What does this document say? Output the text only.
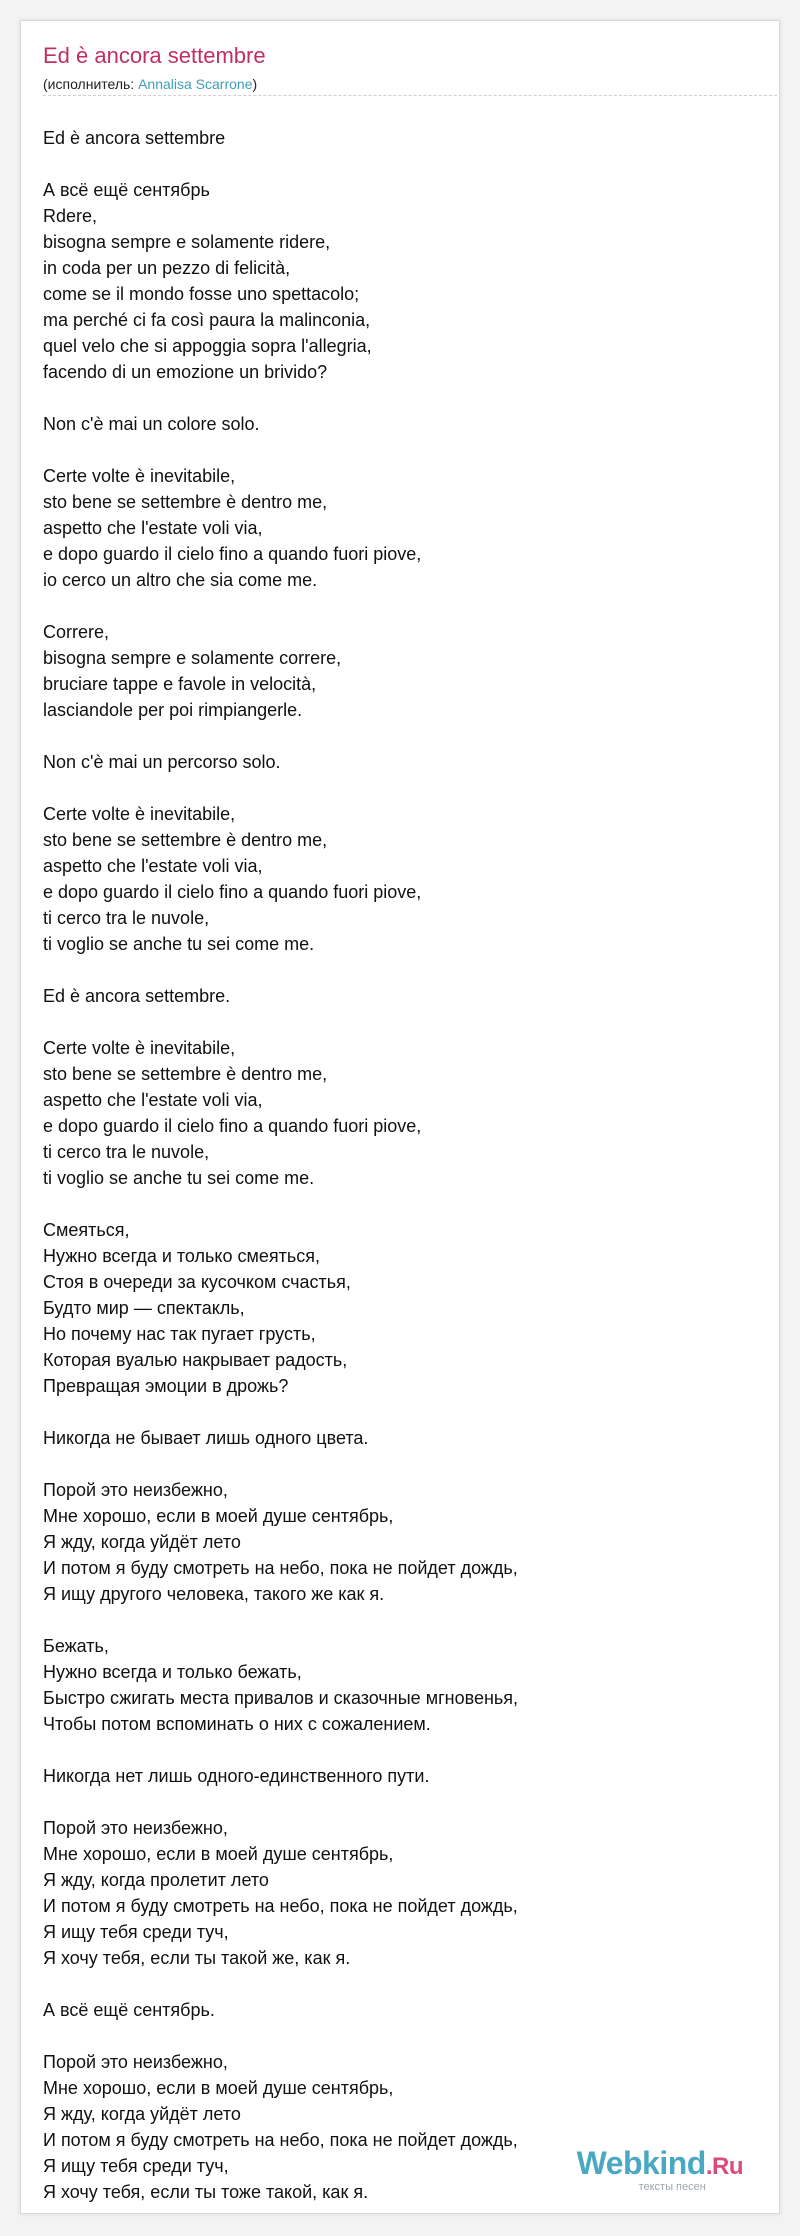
Ed è ancora settembre
(исполнитель: Annalisa Scarrone)
Ed è ancora settembre
А всё ещё сентябрь
Rdere,
bisogna sempre e solamente ridere,
in coda per un pezzo di felicità,
come se il mondo fosse uno spettacolo;
ma perché ci fa così paura la malinconia,
quel velo che si appoggia sopra l'allegria,
facendo di un emozione un brivido?
Non c'è mai un colore solo.
Certe volte è inevitabile,
sto bene se settembre è dentro me,
aspetto che l'estate voli via,
e dopo guardo il cielo fino a quando fuori piove,
io cerco un altro che sia come me.
Correre,
bisogna sempre e solamente correre,
bruciare tappe e favole in velocità,
lasciandole per poi rimpiangerle.
Non c'è mai un percorso solo.
Certe volte è inevitabile,
sto bene se settembre è dentro me,
aspetto che l'estate voli via,
e dopo guardo il cielo fino a quando fuori piove,
ti cerco tra le nuvole,
ti voglio se anche tu sei come me.
Ed è ancora settembre.
Certe volte è inevitabile,
sto bene se settembre è dentro me,
aspetto che l'estate voli via,
e dopo guardo il cielo fino a quando fuori piove,
ti cerco tra le nuvole,
ti voglio se anche tu sei come me.
Смеяться,
Нужно всегда и только смеяться,
Стоя в очереди за кусочком счастья,
Будто мир — спектакль,
Но почему нас так пугает грусть,
Которая вуалью накрывает радость,
Превращая эмоции в дрожь?
Никогда не бывает лишь одного цвета.
Порой это неизбежно,
Мне хорошо, если в моей душе сентябрь,
Я жду, когда уйдёт лето
И потом я буду смотреть на небо, пока не пойдет дождь,
Я ищу другого человека, такого же как я.
Бежать,
Нужно всегда и только бежать,
Быстро сжигать места привалов и сказочные мгновенья,
Чтобы потом вспоминать о них с сожалением.
Никогда нет лишь одного-единственного пути.
Порой это неизбежно,
Мне хорошо, если в моей душе сентябрь,
Я жду, когда пролетит лето
И потом я буду смотреть на небо, пока не пойдет дождь,
Я ищу тебя среди туч,
Я хочу тебя, если ты такой же, как я.
А всё ещё сентябрь.
Порой это неизбежно,
Мне хорошо, если в моей душе сентябрь,
Я жду, когда уйдёт лето
И потом я буду смотреть на небо, пока не пойдет дождь,
Я ищу тебя среди туч,
Я хочу тебя, если ты тоже такой, как я.
Webkind.Ru
тексты песен
